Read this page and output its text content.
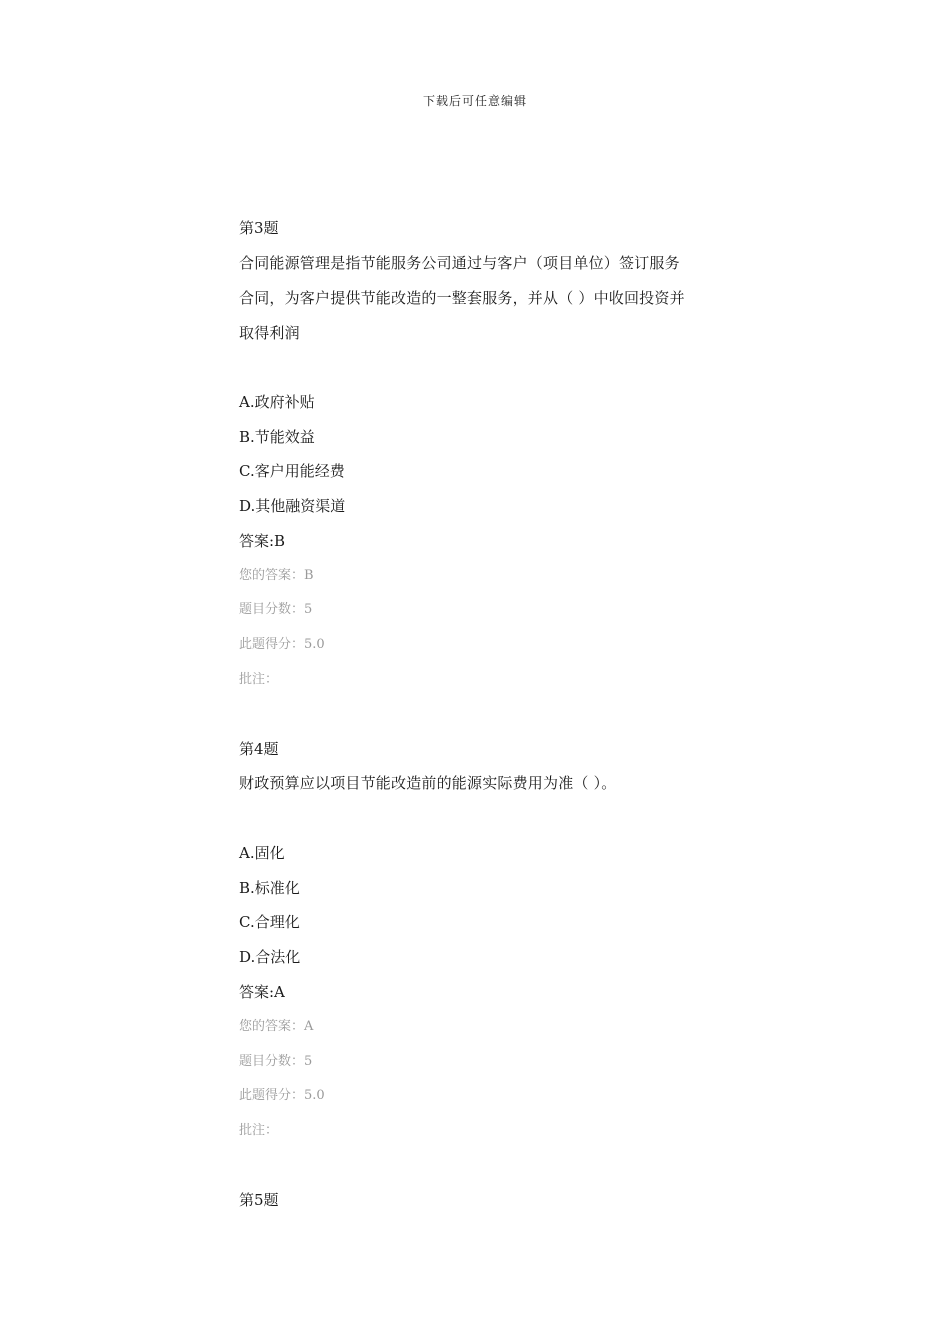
下载后可任意编辑
第3题
合同能源管理是指节能服务公司通过与客户（项目单位）签订服务
合同，为客户提供节能改造的一整套服务，并从（ ）中收回投资并
取得利润
A.政府补贴
B.节能效益
C.客户用能经费
D.其他融资渠道
答案:B
您的答案：B
题目分数：5
此题得分：5.0
批注：
第4题
财政预算应以项目节能改造前的能源实际费用为准（ ）。
A.固化
B.标准化
C.合理化
D.合法化
答案:A
您的答案：A
题目分数：5
此题得分：5.0
批注：
第5题
